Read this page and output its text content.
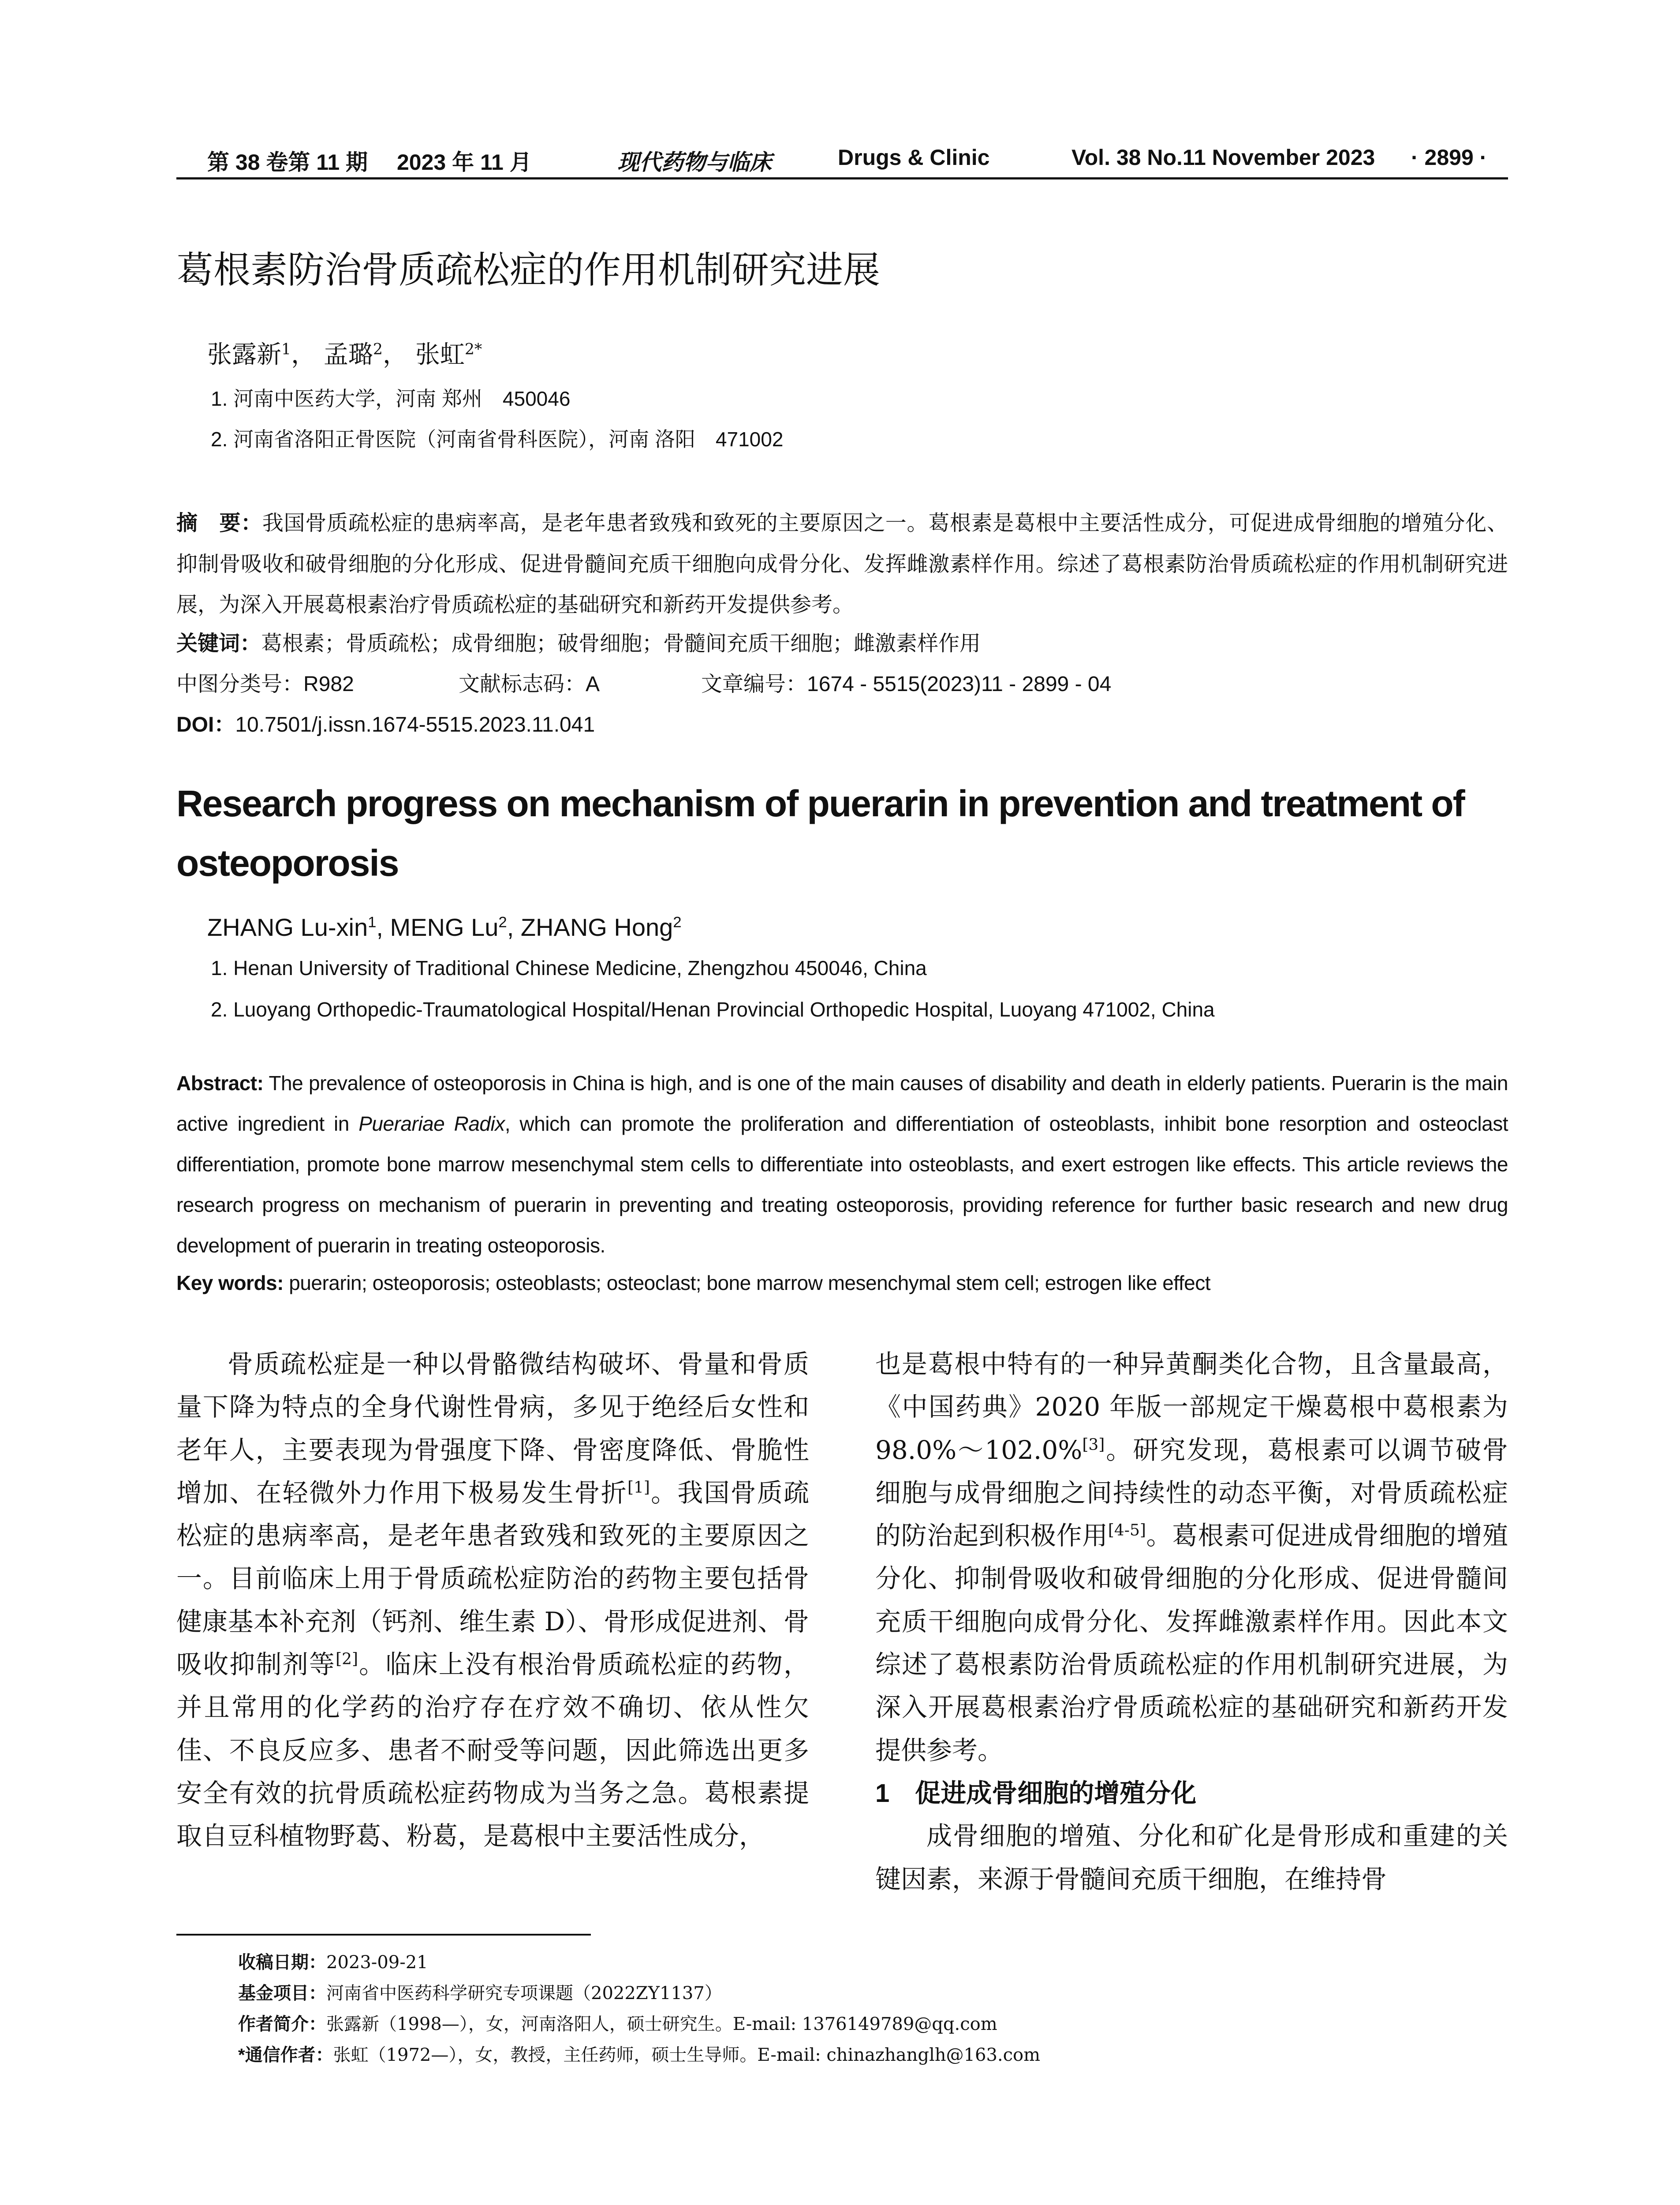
第 38 卷第 11 期 2023 年 11 月	现代药物与临床	Drugs & Clinic	Vol. 38 No.11 November 2023 · 2899 ·
葛根素防治骨质疏松症的作用机制研究进展
张露新$^1$， 孟璐$^2$， 张虹$^{2*}$
1. 河南中医药大学，河南 郑州　450046
2. 河南省洛阳正骨医院（河南省骨科医院），河南 洛阳　471002
摘　要：我国骨质疏松症的患病率高，是老年患者致残和致死的主要原因之一。葛根素是葛根中主要活性成分，可促进成骨细胞的增殖分化、抑制骨吸收和破骨细胞的分化形成、促进骨髓间充质干细胞向成骨分化、发挥雌激素样作用。综述了葛根素防治骨质疏松症的作用机制研究进展，为深入开展葛根素治疗骨质疏松症的基础研究和新药开发提供参考。
关键词：葛根素；骨质疏松；成骨细胞；破骨细胞；骨髓间充质干细胞；雌激素样作用
中图分类号：R982	文献标志码：A	文章编号：1674 - 5515(2023)11 - 2899 - 04
DOI：10.7501/j.issn.1674-5515.2023.11.041
Research progress on mechanism of puerarin in prevention and treatment of osteoporosis
ZHANG Lu-xin$^1$, MENG Lu$^2$, ZHANG Hong$^2$
1. Henan University of Traditional Chinese Medicine, Zhengzhou 450046, China
2. Luoyang Orthopedic-Traumatological Hospital/Henan Provincial Orthopedic Hospital, Luoyang 471002, China
Abstract: The prevalence of osteoporosis in China is high, and is one of the main causes of disability and death in elderly patients. Puerarin is the main active ingredient in Puerariae Radix, which can promote the proliferation and differentiation of osteoblasts, inhibit bone resorption and osteoclast differentiation, promote bone marrow mesenchymal stem cells to differentiate into osteoblasts, and exert estrogen like effects. This article reviews the research progress on mechanism of puerarin in preventing and treating osteoporosis, providing reference for further basic research and new drug development of puerarin in treating osteoporosis.
Key words: puerarin; osteoporosis; osteoblasts; osteoclast; bone marrow mesenchymal stem cell; estrogen like effect

骨质疏松症是一种以骨骼微结构破坏、骨量和骨质量下降为特点的全身代谢性骨病，多见于绝经后女性和老年人，主要表现为骨强度下降、骨密度降低、骨脆性增加、在轻微外力作用下极易发生骨折[1]。我国骨质疏松症的患病率高，是老年患者致残和致死的主要原因之一。目前临床上用于骨质疏松症防治的药物主要包括骨健康基本补充剂（钙剂、维生素 D）、骨形成促进剂、骨吸收抑制剂等[2]。临床上没有根治骨质疏松症的药物，并且常用的化学药的治疗存在疗效不确切、依从性欠佳、不良反应多、患者不耐受等问题，因此筛选出更多安全有效的抗骨质疏松症药物成为当务之急。葛根素提取自豆科植物野葛、粉葛，是葛根中主要活性成分，

也是葛根中特有的一种异黄酮类化合物，且含量最高，《中国药典》2020 年版一部规定干燥葛根中葛根素为 98.0%～102.0%[3]。研究发现，葛根素可以调节破骨细胞与成骨细胞之间持续性的动态平衡，对骨质疏松症的防治起到积极作用[4-5]。葛根素可促进成骨细胞的增殖分化、抑制骨吸收和破骨细胞的分化形成、促进骨髓间充质干细胞向成骨分化、发挥雌激素样作用。因此本文综述了葛根素防治骨质疏松症的作用机制研究进展，为深入开展葛根素治疗骨质疏松症的基础研究和新药开发提供参考。

1　促进成骨细胞的增殖分化

成骨细胞的增殖、分化和矿化是骨形成和重建的关键因素，来源于骨髓间充质干细胞，在维持骨

收稿日期：2023-09-21
基金项目：河南省中医药科学研究专项课题（2022ZY1137）
作者简介：张露新（1998—），女，河南洛阳人，硕士研究生。E-mail: 1376149789@qq.com
*通信作者：张虹（1972—），女，教授，主任药师，硕士生导师。E-mail: chinazhanglh@163.com
